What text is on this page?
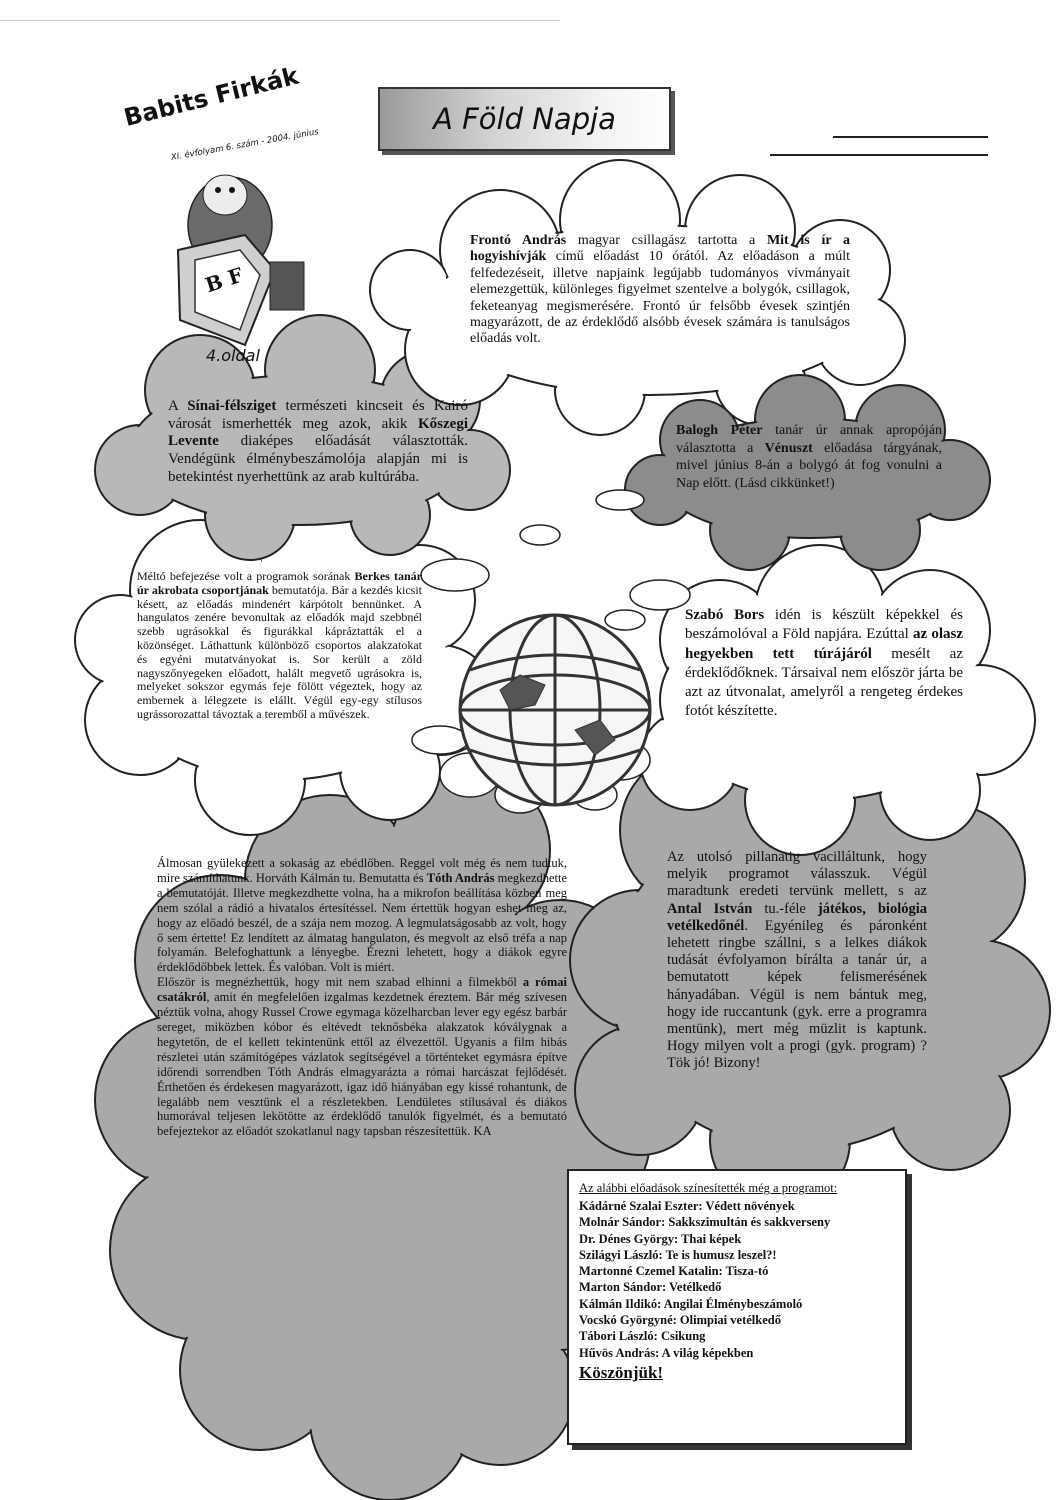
Babits Firkák
XI. évfolyam 6. szám - 2004. június
B F
4.oldal
A Föld Napja

Frontó András magyar csillagász tartotta a Mit is ír a hogyishívják című előadást 10 órától. Az előadáson a múlt felfedezéseit, illetve napjaink legújabb tudományos vívmányait elemezgettük, különleges figyelmet szentelve a bolygók, csillagok, feketeanyag megismerésére. Frontó úr felsőbb évesek szintjén magyarázott, de az érdeklődő alsóbb évesek számára is tanulságos előadás volt.

A Sínai-félsziget természeti kincseit és Kairó városát ismerhették meg azok, akik Kőszegi Levente diaképes előadását választották. Vendégünk élménybeszámolója alapján mi is betekintést nyerhettünk az arab kultúrába.

Balogh Péter tanár úr annak apropóján választotta a Vénuszt előadása tárgyának, mivel június 8-án a bolygó át fog vonulni a Nap előtt. (Lásd cikkünket!)

Méltó befejezése volt a programok sorának Berkes tanár úr akrobata csoportjának bemutatója. Bár a kezdés kicsit késett, az előadás mindenért kárpótolt bennünket. A hangulatos zenére bevonultak az előadók majd szebbnél szebb ugrásokkal és figurákkal kápráztatták el a közönséget. Láthattunk különböző csoportos alakzatokat és egyéni mutatványokat is. Sor került a zöld nagyszőnyegeken előadott, halált megvető ugrásokra is, melyeket sokszor egymás feje fölött végeztek, hogy az embernek a lélegzete is elállt. Végül egy-egy stílusos ugrássorozattal távoztak a teremből a művészek.

Szabó Bors idén is készült képekkel és beszámolóval a Föld napjára. Ezúttal az olasz hegyekben tett túrájáról mesélt az érdeklődőknek. Társaival nem először járta be azt az útvonalat, amelyről a rengeteg érdekes fotót készítette.

Álmosan gyülekezett a sokaság az ebédlőben. Reggel volt még és nem tudtuk, mire számíthatunk. Horváth Kálmán tu. Bemutatta és Tóth András megkezdhette a bemutatóját. Illetve megkezdhette volna, ha a mikrofon beállítása közben meg nem szólal a rádió a hivatalos értesítéssel. Nem értettük hogyan eshet meg az, hogy az előadó beszél, de a szája nem mozog. A legmulatságosabb az volt, hogy ő sem értette! Ez lendített az álmatag hangulaton, és megvolt az első tréfa a nap folyamán. Belefoghattunk a lényegbe. Érezni lehetett, hogy a diákok egyre érdeklődőbbek lettek. És valóban. Volt is miért.

Először is megnézhettük, hogy mit nem szabad elhinni a filmekből a római csatákról, amit én megfelelően izgalmas kezdetnek éreztem. Bár még szívesen néztük volna, ahogy Russel Crowe egymaga közelharcban lever egy egész barbár sereget, miközben kóbor és eltévedt teknősbéka alakzatok kóválygnak a hegytetőn, de el kellett tekintenünk ettől az élvezettől. Ugyanis a film hibás részletei után számítógépes vázlatok segítségével a történteket egymásra építve időrendi sorrendben Tóth András elmagyarázta a római harcászat fejlődését. Érthetően és érdekesen magyarázott, igaz idő hiányában egy kissé rohantunk, de legalább nem vesztünk el a részletekben. Lendületes stílusával és diákos humorával teljesen lekötötte az érdeklődő tanulók figyelmét, és a bemutató befejeztekor az előadót szokatlanul nagy tapsban részesítettük. KA

Az utolsó pillanatig vacilláltunk, hogy melyik programot válasszuk. Végül maradtunk eredeti tervünk mellett, s az Antal István tu.-féle játékos, biológia vetélkedőnél. Egyénileg és páronként lehetett ringbe szállni, s a lelkes diákok tudását évfolyamon bírálta a tanár úr, a bemutatott képek felismerésének hányadában. Végül is nem bántuk meg, hogy ide ruccantunk (gyk. erre a programra mentünk), mert még müzlit is kaptunk. Hogy milyen volt a progi (gyk. program) ? Tök jó! Bizony!

Az alábbi előadások színesítették még a programot:
Kádárné Szalai Eszter: Védett növények
Molnár Sándor: Sakkszimultán és sakkverseny
Dr. Dénes György: Thai képek
Szilágyi László: Te is humusz leszel?!
Martonné Czemel Katalin: Tisza-tó
Marton Sándor: Vetélkedő
Kálmán Ildikó: Angilai Élménybeszámoló
Vocskó Györgyné: Olimpiai vetélkedő
Tábori László: Csikung
Hűvös András: A világ képekben
Köszönjük!
